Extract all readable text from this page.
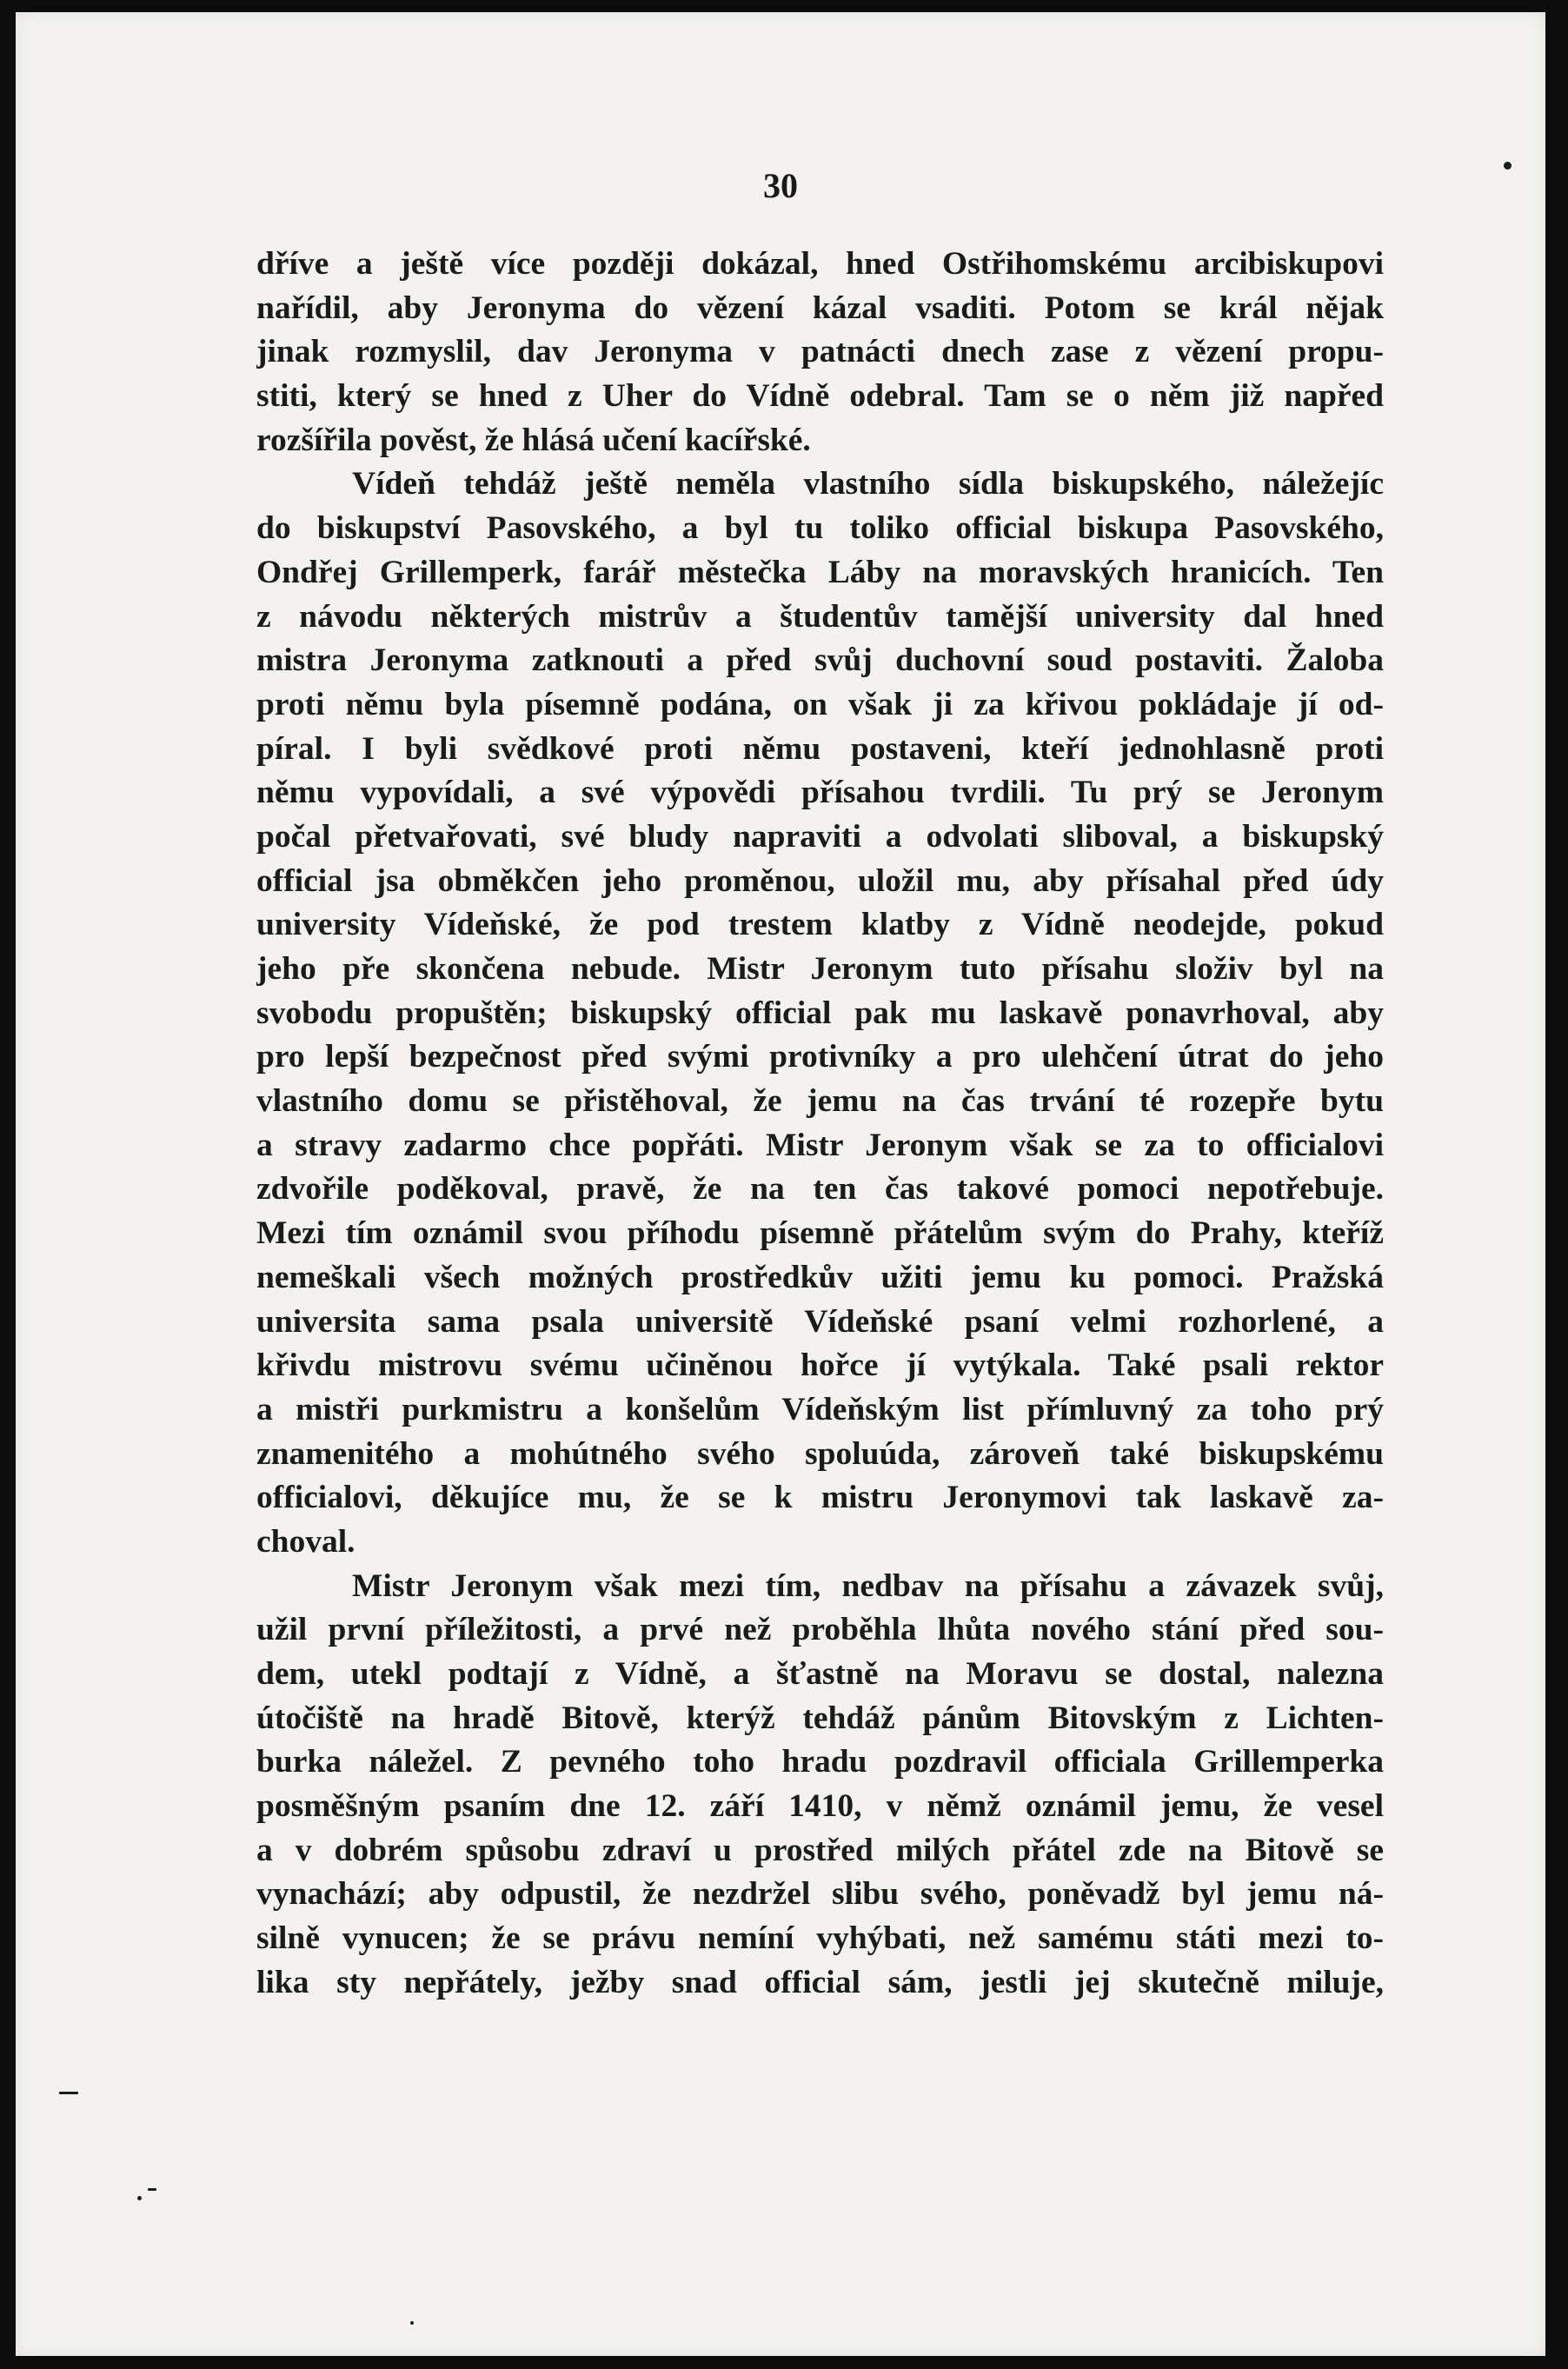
30
dříve a ještě více později dokázal, hned Ostřihomskému arcibiskupovi
nařídil, aby Jeronyma do vězení kázal vsaditi. Potom se král nějak
jinak rozmyslil, dav Jeronyma v patnácti dnech zase z vězení propu-
stiti, který se hned z Uher do Vídně odebral. Tam se o něm již napřed
rozšířila pověst, že hlásá učení kacířské.
Vídeň tehdáž ještě neměla vlastního sídla biskupského, náležejíc
do biskupství Pasovského, a byl tu toliko official biskupa Pasovského,
Ondřej Grillemperk, farář městečka Láby na moravských hranicích. Ten
z návodu některých mistrův a študentův tamější university dal hned
mistra Jeronyma zatknouti a před svůj duchovní soud postaviti. Žaloba
proti němu byla písemně podána, on však ji za křivou pokládaje jí od-
píral. I byli svědkové proti němu postaveni, kteří jednohlasně proti
němu vypovídali, a své výpovědi přísahou tvrdili. Tu prý se Jeronym
počal přetvařovati, své bludy napraviti a odvolati sliboval, a biskupský
official jsa obměkčen jeho proměnou, uložil mu, aby přísahal před údy
university Vídeňské, že pod trestem klatby z Vídně neodejde, pokud
jeho pře skončena nebude. Mistr Jeronym tuto přísahu složiv byl na
svobodu propuštěn; biskupský official pak mu laskavě ponavrhoval, aby
pro lepší bezpečnost před svými protivníky a pro ulehčení útrat do jeho
vlastního domu se přistěhoval, že jemu na čas trvání té rozepře bytu
a stravy zadarmo chce popřáti. Mistr Jeronym však se za to officialovi
zdvořile poděkoval, pravě, že na ten čas takové pomoci nepotřebuje.
Mezi tím oznámil svou příhodu písemně přátelům svým do Prahy, kteříž
nemeškali všech možných prostředkův užiti jemu ku pomoci. Pražská
universita sama psala universitě Vídeňské psaní velmi rozhorlené, a
křivdu mistrovu svému učiněnou hořce jí vytýkala. Také psali rektor
a mistři purkmistru a konšelům Vídeňským list přímluvný za toho prý
znamenitého a mohútného svého spoluúda, zároveň také biskupskému
officialovi, děkujíce mu, že se k mistru Jeronymovi tak laskavě za-
choval.
Mistr Jeronym však mezi tím, nedbav na přísahu a závazek svůj,
užil první příležitosti, a prvé než proběhla lhůta nového stání před sou-
dem, utekl podtají z Vídně, a šťastně na Moravu se dostal, nalezna
útočiště na hradě Bitově, kterýž tehdáž pánům Bitovským z Lichten-
burka náležel. Z pevného toho hradu pozdravil officiala Grillemperka
posměšným psaním dne 12. září 1410, v němž oznámil jemu, že vesel
a v dobrém spůsobu zdraví u prostřed milých přátel zde na Bitově se
vynachází; aby odpustil, že nezdržel slibu svého, poněvadž byl jemu ná-
silně vynucen; že se právu nemíní vyhýbati, než samému státi mezi to-
lika sty nepřátely, ježby snad official sám, jestli jej skutečně miluje,
